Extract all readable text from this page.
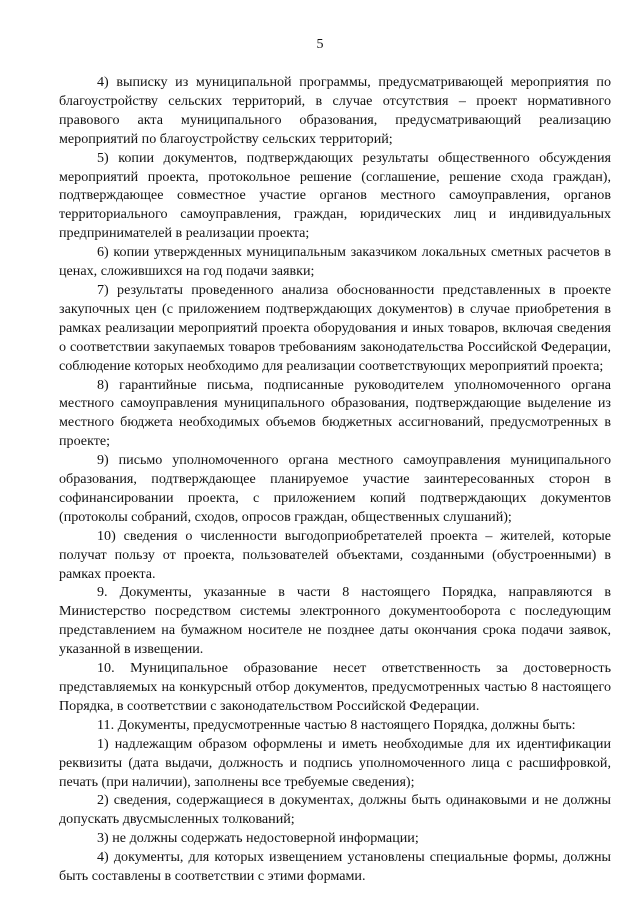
5

4) выписку из муниципальной программы, предусматривающей мероприятия по благоустройству сельских территорий, в случае отсутствия – проект нормативного правового акта муниципального образования, предусматривающий реализацию мероприятий по благоустройству сельских территорий;

5) копии документов, подтверждающих результаты общественного обсуждения мероприятий проекта, протокольное решение (соглашение, решение схода граждан), подтверждающее совместное участие органов местного самоуправления, органов территориального самоуправления, граждан, юридических лиц и индивидуальных предпринимателей в реализации проекта;

6) копии утвержденных муниципальным заказчиком локальных сметных расчетов в ценах, сложившихся на год подачи заявки;

7) результаты проведенного анализа обоснованности представленных в проекте закупочных цен (с приложением подтверждающих документов) в случае приобретения в рамках реализации мероприятий проекта оборудования и иных товаров, включая сведения о соответствии закупаемых товаров требованиям законодательства Российской Федерации, соблюдение которых необходимо для реализации соответствующих мероприятий проекта;

8) гарантийные письма, подписанные руководителем уполномоченного органа местного самоуправления муниципального образования, подтверждающие выделение из местного бюджета необходимых объемов бюджетных ассигнований, предусмотренных в проекте;

9) письмо уполномоченного органа местного самоуправления муниципального образования, подтверждающее планируемое участие заинтересованных сторон в софинансировании проекта, с приложением копий подтверждающих документов (протоколы собраний, сходов, опросов граждан, общественных слушаний);

10) сведения о численности выгодоприобретателей проекта – жителей, которые получат пользу от проекта, пользователей объектами, созданными (обустроенными) в рамках проекта.

9. Документы, указанные в части 8 настоящего Порядка, направляются в Министерство посредством системы электронного документооборота с последующим представлением на бумажном носителе не позднее даты окончания срока подачи заявок, указанной в извещении.

10. Муниципальное образование несет ответственность за достоверность представляемых на конкурсный отбор документов, предусмотренных частью 8 настоящего Порядка, в соответствии с законодательством Российской Федерации.

11. Документы, предусмотренные частью 8 настоящего Порядка, должны быть:

1) надлежащим образом оформлены и иметь необходимые для их идентификации реквизиты (дата выдачи, должность и подпись уполномоченного лица с расшифровкой, печать (при наличии), заполнены все требуемые сведения);

2) сведения, содержащиеся в документах, должны быть одинаковыми и не должны допускать двусмысленных толкований;

3) не должны содержать недостоверной информации;

4) документы, для которых извещением установлены специальные формы, должны быть составлены в соответствии с этими формами.
